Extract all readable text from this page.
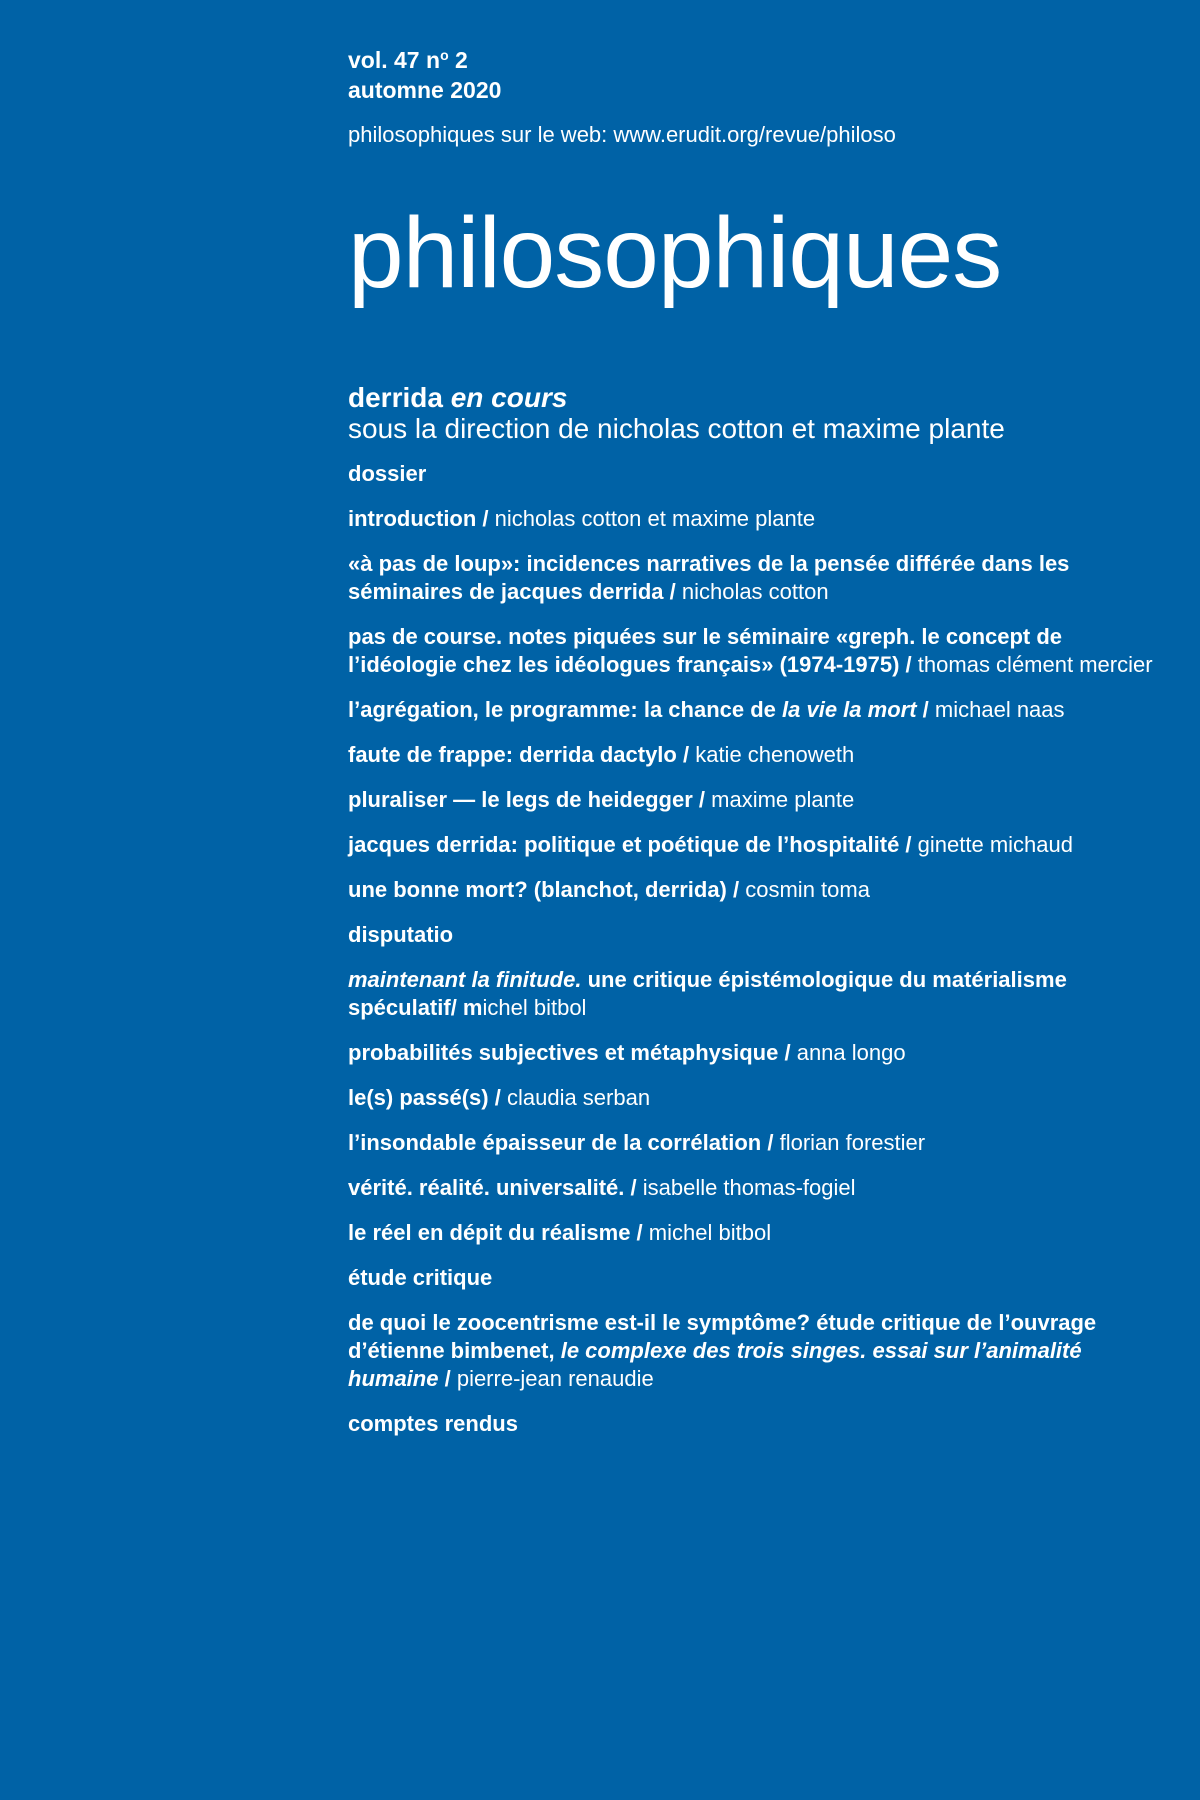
vol. 47 $n^o$ 2
automne 2020
philosophiques sur le web: www.erudit.org/revue/philoso
philosophiques
derrida en cours
sous la direction de nicholas cotton et maxime plante
dossier
introduction / nicholas cotton et maxime plante
«à pas de loup»: incidences narratives de la pensée différée dans les séminaires de jacques derrida / nicholas cotton
pas de course. notes piquées sur le séminaire «greph. le concept de l’idéologie chez les idéologues français» (1974-1975) / thomas clément mercier
l’agrégation, le programme: la chance de la vie la mort / michael naas
faute de frappe: derrida dactylo / katie chenoweth
pluraliser — le legs de heidegger / maxime plante
jacques derrida: politique et poétique de l’hospitalité / ginette michaud
une bonne mort? (blanchot, derrida) / cosmin toma
disputatio
maintenant la finitude. une critique épistémologique du matérialisme spéculatif/ michel bitbol
probabilités subjectives et métaphysique / anna longo
le(s) passé(s) / claudia serban
l’insondable épaisseur de la corrélation / florian forestier
vérité. réalité. universalité. / isabelle thomas-fogiel
le réel en dépit du réalisme / michel bitbol
étude critique
de quoi le zoocentrisme est-il le symptôme? étude critique de l’ouvrage d’étienne bimbenet, le complexe des trois singes. essai sur l’animalité humaine / pierre-jean renaudie
comptes rendus
